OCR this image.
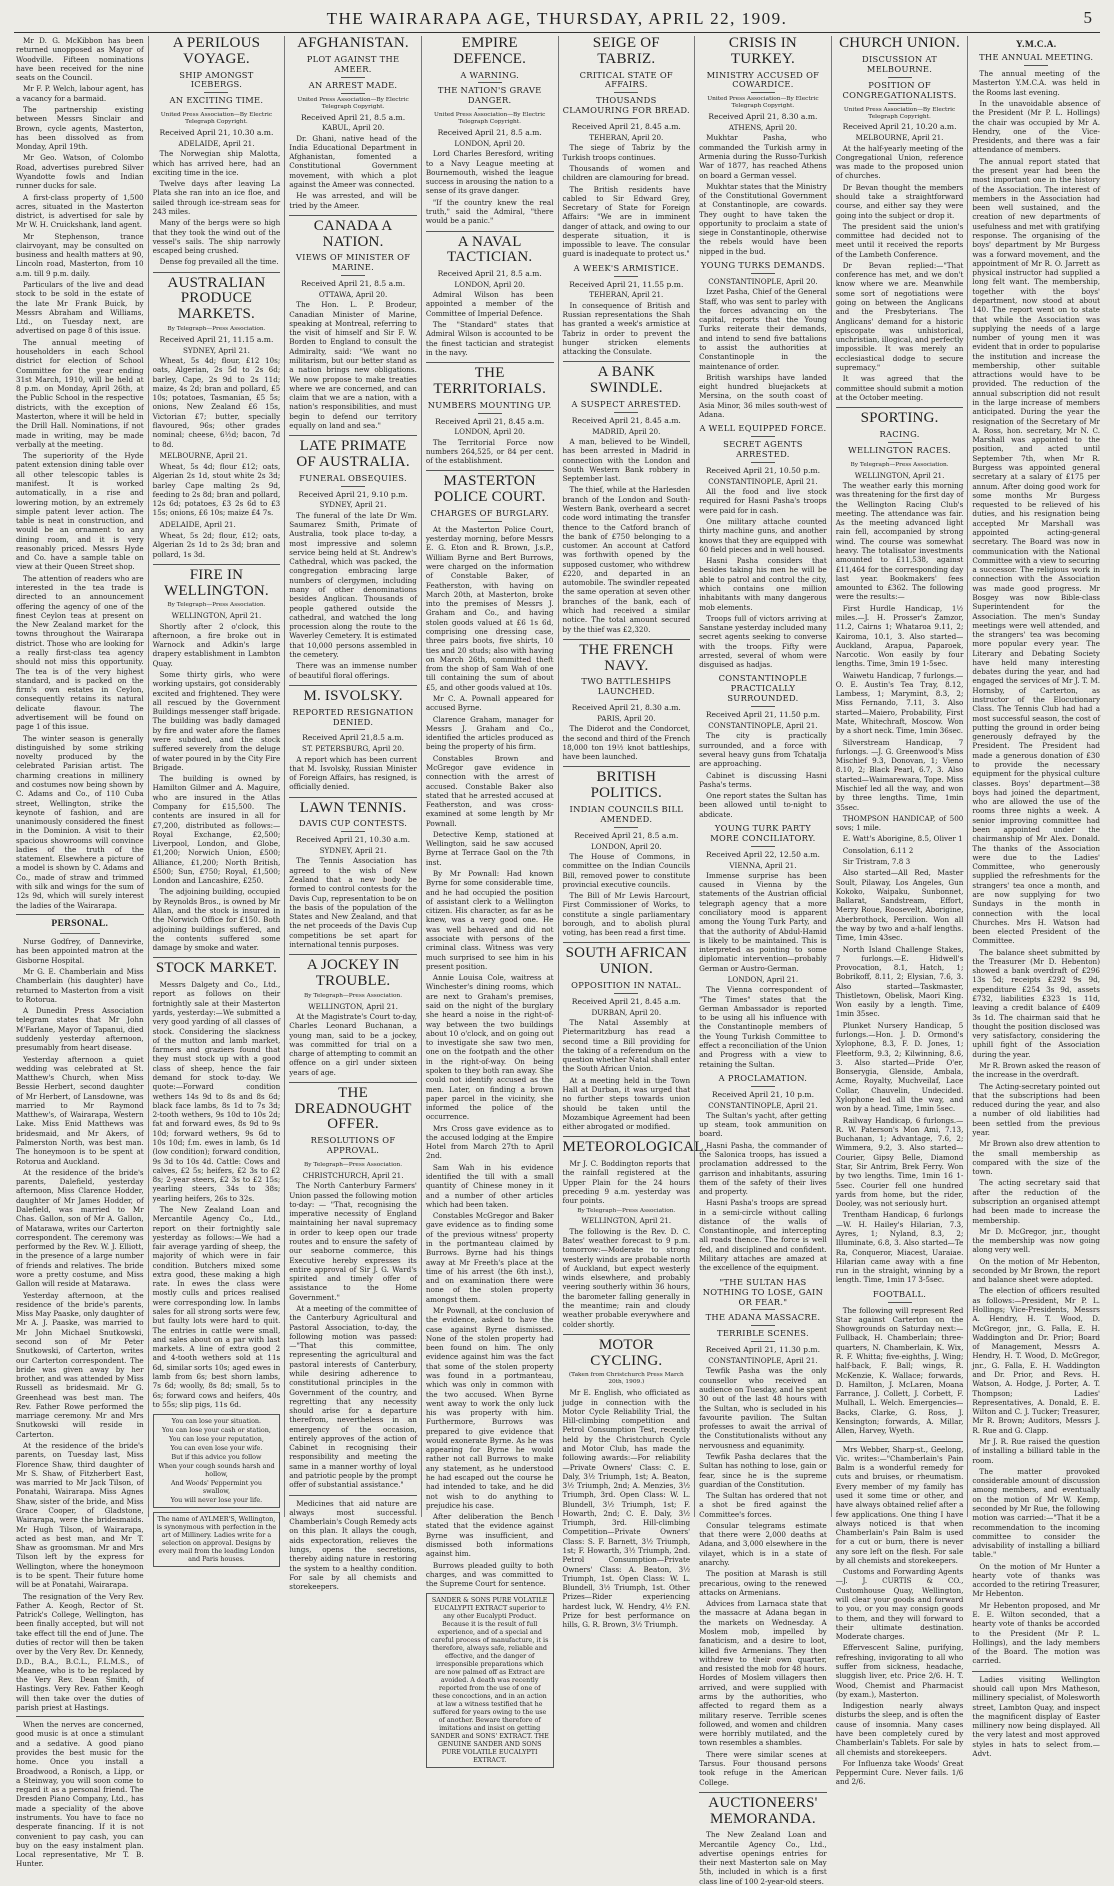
THE WAIRARAPA AGE, THURSDAY, APRIL 22, 1909.	5

Mr D. G. McKibbon has been returned unopposed as Mayor of Woodville. Fifteen nominations have been received for the nine seats on the Council.

Mr F. P. Welch, labour agent, has a vacancy for a barmaid.

The partnership existing between Messrs Sinclair and Brown, cycle agents, Masterton, has been dissolved as from Monday, April 19th.

Mr Geo. Watson, of Colombo Road, advertises purebred Silver Wyandotte fowls and Indian runner ducks for sale.

A first-class property of 1,500 acres, situated in the Masterton district, is advertised for sale by Mr W. H. Cruickshank, land agent.

Mr Stephenson, trance clairvoyant, may be consulted on business and health matters at 90, Lincoln road, Masterton, from 10 a.m. till 9 p.m. daily.

Particulars of the live and dead stock to be sold in the estate of the late Mr Frank Buick, by Messrs Abraham and Williams, Ltd., on Tuesday next, are advertised on page 8 of this issue.

The annual meeting of householders in each School district for election of School Committee for the year ending 31st March, 1910, will be held at 8 p.m. on Monday, April 26th, at the Public School in the respective districts, with the exception of Masterton, where it will be held in the Drill Hall. Nominations, if not made in writing, may be made verbally at the meeting.

The superiority of the Hyde patent extension dining table over all other telescopic tables is manifest. It is worked automatically, in a rise and lowering motion, by an extremely simple patent lever action. The table is neat in construction, and would be an ornament to any dining room, and it is very reasonably priced. Messrs Hyde and Co. have a sample table on view at their Queen Street shop.

The attention of readers who are interested in the tea trade is directed to an announcement offering the agency of one of the finest Ceylon teas at present on the New Zealand market for the towns throughout the Wairarapa district. Those who are looking for a really first-class tea agency should not miss this opportunity. The tea is of the very highest standard, and is packed on the firm's own estates in Ceylon, consequently retains its natural delicate flavour. The advertisement will be found on page 1 of this issue.

The winter season is generally distinguished by some striking novelty produced by the celebrated Parisian artist. The charming creations in millinery and costumes now being shown by C. Adams and Co., of 110 Cuba street, Wellington, strike the keynote of fashion, and are unanimously considered the finest in the Dominion. A visit to their spacious showrooms will convince ladies of the truth of the statement. Elsewhere a picture of a model is shown by C. Adams and Co., made of straw and trimmed with silk and wings for the sum of 12s 9d, which will surely interest the ladies of the Wairarapa.

PERSONAL.

Nurse Godfrey, of Dannevirke, has been appointed matron at the Gisborne Hospital.

Mr G. E. Chamberlain and Miss Chamberlain (his daughter) have returned to Masterton from a visit to Rotorua.

A Dunedin Press Association telegram states that Mr John M'Farlane, Mayor of Tapanui, died suddenly yesterday afternoon, presumably from heart disease.

Yesterday afternoon a quiet wedding was celebrated at St. Matthew's Church, when Miss Bessie Herbert, second daughter of Mr Herbert, of Lansdowne, was married to Mr Raymond Matthew's, of Wairarapa, Western Lake. Miss Enid Matthews was bridesmaid, and Mr Akers, of Palmerston North, was best man. The honeymoon is to be spent at Rotorua and Auckland.

At the residence of the bride's parents, Dalefield, yesterday afternoon, Miss Clarence Hodder, daughter of Mr James Hodder, of Dalefield, was married to Mr Chas. Gallon, son of Mr A. Gallon, of Matarawa, writes our Carterton correspondent. The ceremony was performed by the Rev. W. J. Elliott, in the presence of a large number of friends and relatives. The bride wore a pretty costume, and Miss Gallon will reside at Matarawa.

Yesterday afternoon, at the residence of the bride's parents, Miss May Paaske, only daughter of Mr A. J. Paaske, was married to Mr John Michael Snutkowski, second son of Mr Peter Snutkowski, of Carterton, writes our Carterton correspondent. The bride was given away by her brother, and was attended by Miss Russell as bridesmaid. Mr G. Greenhead was best man. The Rev. Father Rowe performed the marriage ceremony. Mr and Mrs Snutkowski will reside in Carterton.

At the residence of the bride's parents, on Tuesday last, Miss Florence Shaw, third daughter of Mr S. Shaw, of Fitzherbert East, was married to Mr Jack Tilson, of Ponatahi, Wairarapa. Miss Agnes Shaw, sister of the bride, and Miss Grace Cooper, of Gladstone, Wairarapa, were the bridesmaids. Mr Hugh Tilson, of Wairarapa, acted as best man, and Mr T. Shaw as groomsman. Mr and Mrs Tilson left by the express for Wellington, where the honeymoon is to be spent. Their future home will be at Ponatahi, Wairarapa.

The resignation of the Very Rev. Father A. Keogh, Rector of St. Patrick's College, Wellington, has been finally accepted, but will not take effect till the end of June. The duties of rector will then be taken over by the Very Rev. Dr. Kennedy, D.D., B.A., B.C.L., F.L.M.S., of Meanee, who is to be replaced by the Very Rev. Dean Smith, of Hastings. Very Rev. Father Keogh will then take over the duties of parish priest at Hastings.

When the nerves are concerned, good music is at once a stimulant and a sedative. A good piano provides the best music for the home. Once you install a Broadwood, a Ronisch, a Lipp, or a Steinway, you will soon come to regard it as a personal friend. The Dresden Piano Company, Ltd., has made a speciality of the above instruments. You have to face no desperate financing. If it is not convenient to pay cash, you can buy on the easy instalment plan. Local representative, Mr T. B. Hunter.

A PERILOUS VOYAGE.
SHIP AMONGST ICEBERGS.
AN EXCITING TIME.
United Press Association—By Electric Telegraph Copyright.
Received April 21, 10.30 a.m.
ADELAIDE, April 21.

The Norwegian ship Malotta, which has arrived here, had an exciting time in the ice.

Twelve days after leaving La Plata she ran into an ice floe, and sailed through ice-stream seas for 243 miles.

Many of the bergs were so high that they took the wind out of the vessel's sails. The ship narrowly escaped being crushed.

Dense fog prevailed all the time.

AUSTRALIAN PRODUCE MARKETS.
By Telegraph—Press Association.
Received April 21, 11.15 a.m.
SYDNEY, April 21.

Wheat, 5s 4d; flour, £12 10s; oats, Algerian, 2s 5d to 2s 6d; barley, Cape, 2s 9d to 2s 11d; maize, 4s 2d; bran and pollard, £5 10s; potatoes, Tasmanian, £5 5s; onions, New Zealand £6 15s, Victorian £7; butter, specially flavoured, 96s; other grades nominal; cheese, 6½d; bacon, 7d to 8d.

MELBOURNE, April 21.

Wheat, 5s 4d; flour £12; oats, Algerian 2s 1d, stout white 2s 3d; barley Cape malting 2s 9d, feeding to 2s 8d; bran and pollard, 12s 6d; potatoes, £3 2s 6d to £3 15s; onions, £6 10s; maize £4 7s.

ADELAIDE, April 21.

Wheat, 5s 2d; flour, £12; oats, Algerian 2s 1d to 2s 3d; bran and pollard, 1s 3d.

FIRE IN WELLINGTON.
By Telegraph—Press Association.
WELLINGTON, April 21.

Shortly after 2 o'clock, this afternoon, a fire broke out in Warnock and Adkin's large drapery establishment in Lambton Quay.

Some thirty girls, who were working upstairs, got considerably excited and frightened. They were all rescued by the Government Buildings messenger staff brigade. The building was badly damaged by fire and water afore the flames were subdued, and the stock suffered severely from the deluge of water poured in by the City Fire Brigade.

The building is owned by Hamilton Gilmer and A. Maguire, who are insured in the Atlas Company for £15,500. The contents are insured in all for £7,200, distributed as follows:—Royal Exchange, £2,500; Liverpool, London, and Globe, £1,200; Norwich Union, £500; Alliance, £1,200; North British, £500; Sun, £750; Royal, £1,500; London and Lancashire, £250.

The adjoining building, occupied by Reynolds Bros., is owned by Mr Allan, and the stock is insured in the Norwich Office for £150. Both adjoining buildings suffered, and the contents suffered some damage by smoke and water.

STOCK MARKET.

Messrs Dalgety and Co., Ltd., report as follows on their fortnightly sale at their Masterton yards, yesterday:—We submitted a very good yarding of all classes of stock. Considering the slackness of the mutton and lamb market, farmers and graziers found that they must stock up with a good class of sheep, hence the fair demand for stock to-day. We quote:—Forward condition wethers 14s 9d to 8s and 8s 6d; black face lambs, 8s 1d to 7s 3d; 2-tooth wethers, 9s 10d to 10s 2d; fat and forward ewes, 8s 9d to 9s 10d; forward wethers, 9s 6d to 10s 10d; f.m. ewes in lamb, 6s 1d (low condition); forward condition, 9s 3d to 10s 4d. Cattle: Cows and calves, £2 5s; heifers, £2 3s to £2 8s; 2-year steers, £2 3s to £2 15s; yearling steers, 34s to 38s; yearling heifers, 26s to 32s.

The New Zealand Loan and Mercantile Agency Co., Ltd., report on their fortnightly sale yesterday as follows:—We had a fair average yarding of sheep, the majority of which were in fair condition. Butchers mixed some extra good, these making a high rate. In ewes the class were mostly culls and prices realised were corresponding low. In lambs sales for all strong sorts were few, but faulty lots were hard to quit. The entries in cattle were small, and sales about on a par with last markets. A line of extra good 2 and 4-tooth wethers sold at 11s 6d, similar sorts 10s; aged ewes in lamb from 6s; best shorn lambs, 7s 6d; woolly, 8s 8d; small, 5s to 6s; forward cows and heifers, 40s to 55s; slip pigs, 11s 6d.

You can lose your situation.

You can lose your cash or station,

You can lose your reputation,

You can even lose your wife.

But if this advice you follow

When your cough sounds harsh and hollow,

And Woods' Peppermint you swallow,

You will never lose your life.

The name of AYLMER'S, Wellington, is synonymous with perfection in the art of Millinery. Ladies write for a selection on approval. Designs by every mail from the leading London and Paris houses.

AFGHANISTAN.
PLOT AGAINST THE AMEER.
AN ARREST MADE.
United Press Association—By Electric Telegraph Copyright.
Received April 21, 8.5 a.m.
KABUL, April 20.

Dr. Ghani, native head of the India Educational Department in Afghanistan, fomented a Constitutional Government movement, with which a plot against the Ameer was connected.

He was arrested, and will be tried by the Ameer.

CANADA A NATION.
VIEWS OF MINISTER OF MARINE.
Received April 21, 8.5 a.m.
OTTAWA, April 20.

The Hon. L. P. Brodeur, Canadian Minister of Marine, speaking at Montreal, referring to the visit of himself and Sir F. W. Borden to England to consult the Admiralty, said: "We want no militarism, but our better stand as a nation brings new obligations. We now propose to make treaties where we are concerned, and can claim that we are a nation, with a nation's responsibilities, and must begin to defend our territory equally on land and sea."

LATE PRIMATE OF AUSTRALIA.
FUNERAL OBSEQUIES.
Received April 21, 9.10 p.m.
SYDNEY, April 21.

The funeral of the late Dr Wm. Saumarez Smith, Primate of Australia, took place to-day, a most impressive and solemn service being held at St. Andrew's Cathedral, which was packed, the congregation embracing large numbers of clergymen, including many of other denominations besides Anglican. Thousands of people gathered outside the cathedral, and watched the long procession along the route to the Waverley Cemetery. It is estimated that 10,000 persons assembled in the cemetery.

There was an immense number of beautiful floral offerings.

M. ISVOLSKY.
REPORTED RESIGNATION DENIED.
Received April 21,8.5 a.m.
ST. PETERSBURG, April 20.

A report which has been current that M. Isvolsky, Russian Minister of Foreign Affairs, has resigned, is officially denied.

LAWN TENNIS.
DAVIS CUP CONTESTS.
Received April 21, 10.30 a.m.
SYDNEY, April 21.

The Tennis Association has agreed to the wish of New Zealand that a new body be formed to control contests for the Davis Cup, representation to be on the basis of the population of the States and New Zealand, and that the net proceeds of the Davis Cup competitions be set apart for international tennis purposes.

A JOCKEY IN TROUBLE.
By Telegraph—Press Association.
WELLINGTON, April 21.

At the Magistrate's Court to-day, Charles Leonard Buchanan, a young man, said to be a jockey, was committed for trial on a charge of attempting to commit an offence on a girl under sixteen years of age.

THE DREADNOUGHT OFFER.
RESOLUTIONS OF APPROVAL.
By Telegraph—Press Association.
CHRISTCHURCH, April 21.

The North Canterbury Farmers' Union passed the following motion to-day: — "That, recognising the imperative necessity of England maintaining her naval supremacy in order to keep open our trade routes and to ensure the safety of our seaborne commerce, this Executive hereby expresses its entire approval of Sir J. G. Ward's spirited and timely offer of assistance to the Home Government."

At a meeting of the committee of the Canterbury Agricultural and Pastoral Association, to-day, the following motion was passed:—"That this committee, representing the agricultural and pastoral interests of Canterbury, while desiring adherence to constitutional principles in the Government of the country, and regretting that any necessity should arise for a departure therefrom, nevertheless in an emergency of the occasion, entirely approves of the action of Cabinet in recognising their responsibility and meeting the same in a manner worthy of loyal and patriotic people by the prompt offer of substantial assistance."

Medicines that aid nature are always most successful. Chamberlain's Cough Remedy acts on this plan. It allays the cough, aids expectoration, relieves the lungs, opens the secretions, thereby aiding nature in restoring the system to a healthy condition. For sale by all chemists and storekeepers.

EMPIRE DEFENCE.
A WARNING.
THE NATION'S GRAVE DANGER.
United Press Association—By Electric Telegraph Copyright.
Received April 21, 8.5 a.m.
LONDON, April 20.

Lord Charles Beresford, writing to a Navy League meeting at Bournemouth, wished the league success in arousing the nation to a sense of its grave danger.

"If the country knew the real truth," said the Admiral, "there would be a panic."

A NAVAL TACTICIAN.
Received April 21, 8.5 a.m.
LONDON, April 20.

Admiral Wilson has been appointed a member of the Committee of Imperial Defence.

The "Standard" states that Admiral Wilson is accounted to be the finest tactician and strategist in the navy.

THE TERRITORIALS.
NUMBERS MOUNTING UP.
Received April 21, 8.45 a.m.
LONDON, April 20.

The Territorial Force now numbers 264,525, or 84 per cent. of the establishment.

MASTERTON POLICE COURT.
CHARGES OF BURGLARY.

At the Masterton Police Court, yesterday morning, before Messrs E. G. Eton and R. Brown, J.s.P., William Byrne and Bert Burrows, were charged on the information of Constable Baker, of Featherston, with having on March 20th, at Masterton, broke into the premises of Messrs J. Graham and Co., and having stolen goods valued at £6 1s 6d, comprising one dressing case, three pairs boots, five shirts, 10 ties and 20 studs; also with having on March 26th, committed theft from the shop of Sam Wah of one till containing the sum of about £5, and other goods valued at 10s.

Mr C. A. Pownall appeared for accused Byrne.

Clarence Graham, manager for Messrs J. Graham and Co., identified the articles produced as being the property of his firm.

Constables Brown and McGregor gave evidence in connection with the arrest of accused. Constable Baker also stated that he arrested accused at Featherston, and was cross-examined at some length by Mr Pownall.

Detective Kemp, stationed at Wellington, said he saw accused Byrne at Terrace Gaol on the 7th inst.

By Mr Pownall: Had known Byrne for some considerable time, and he had occupied the position of assistant clerk to a Wellington citizen. His character, as far as he knew, was a very good one. He was well behaved and did not associate with persons of the criminal class. Witness was very much surprised to see him in his present position.

Annie Louisa Cole, waitress at Winchester's dining rooms, which are next to Graham's premises, said on the night of the burglary she heard a noise in the right-of-way between the two buildings about 10 o'clock, and on going out to investigate she saw two men, one on the footpath and the other in the right-of-way. On being spoken to they both ran away. She could not identify accused as the men. Later, on finding a brown paper parcel in the vicinity, she informed the police of the occurrence.

Mrs Cross gave evidence as to the accused lodging at the Empire Hotel from March 27th to April 2nd.

Sam Wah in his evidence identified the till with a small quantity of Chinese money in it and a number of other articles which had been taken.

Constables McGregor and Baker gave evidence as to finding some of the previous witness' property in the portmanteau claimed by Burrows. Byrne had his things away at Mr Freeth's place at the time of his arrest (the 6th inst.), and on examination there were none of the stolen property amongst them.

Mr Pownall, at the conclusion of the evidence, asked to have the case against Byrne dismissed. None of the stolen property had been found on him. The only evidence against him was the fact that some of the stolen property was found in a portmanteau, which was only in common with the two accused. When Byrne went away to work the only luck his was property with him. Furthermore, Burrows was prepared to give evidence that would exonerate Byrne. As he was appearing for Byrne he would rather not call Burrows to make any statement, as he understood he had escaped out the course he had intended to take, and he did not wish to do anything to prejudice his case.

After deliberation the Bench stated that the evidence against Byrne was insufficient, and dismissed both informations against him.

Burrows pleaded guilty to both charges, and was committed to the Supreme Court for sentence.

SANDER & SONS PURE VOLATILE EUCALYPTI EXTRACT superior to any other Eucalypti Product. Because it is the result of full experience, and of a special and careful process of manufacture, it is therefore, always safe, reliable and effective, and the danger of irresponsible preparations which are now palmed off as Extract are avoided. A death was recently reported from the use of one of these concoctions, and in an action at law a witness testified that he suffered for years owing to the use of another. Beware therefore of imitations and insist on getting SANDER and SONS' EXTRACT. THE GENUINE SANDER AND SONS PURE VOLATILE EUCALYPTI EXTRACT.

SEIGE OF TABRIZ.
CRITICAL STATE OF AFFAIRS.
THOUSANDS CLAMOURING FOR BREAD.
Received April 21, 8.45 a.m.
TEHERAN, April 20.

The siege of Tabriz by the Turkish troops continues.

Thousands of women and children are clamouring for bread.

The British residents have cabled to Sir Edward Grey, Secretary of State for Foreign Affairs: "We are in imminent danger of attack, and owing to our desperate situation, it is impossible to leave. The consular guard is inadequate to protect us."

A WEEK'S ARMISTICE.
Received April 21, 11.55 p.m.
TEHERAN, April 21.

In consequence of British and Russian representations the Shah has granted a week's armistice at Tabriz in order to prevent the hunger stricken elements attacking the Consulate.

A BANK SWINDLE.
A SUSPECT ARRESTED.
Received April 21, 8.45 a.m.
MADRID, April 20.

A man, believed to be Windell, has been arrested in Madrid in connection with the London and South Western Bank robbery in September last.

The thief, while at the Harlesden branch of the London and South-Western Bank, overheard a secret code word intimating the transfer thence to the Catford branch of the bank of £750 belonging to a customer. An account at Catford was forthwith opened by the supposed customer, who withdrew £220, and departed in an automobile. The swindler repeated the same operation at seven other branches of the bank, each of which had received a similar notice. The total amount secured by the thief was £2,320.

THE FRENCH NAVY.
TWO BATTLESHIPS LAUNCHED.
Received April 21, 8.30 a.m.
PARIS, April 20.

The Diderot and the Condorcet, the second and third of the French 18,000 ton 19½ knot battleships, have been launched.

BRITISH POLITICS.
INDIAN COUNCILS BILL AMENDED.
Received April 21, 8.5 a.m.
LONDON, April 20.

The House of Commons, in committee on the Indian Councils Bill, removed power to constitute provincial executive councils.

The Bill of Mr Lewis Harcourt, First Commissioner of Works, to constitute a single parliamentary borough, and to abolish plural voting, has been read a first time.

SOUTH AFRICAN UNION.
OPPOSITION IN NATAL.
Received April 21, 8.45 a.m.
DURBAN, April 20.

The Natal Assembly at Pietermaritzburg has read a second time a Bill providing for the taking of a referendum on the question whether Natal shall enter the South African Union.

At a meeting held in the Town Hall at Durban, it was urged that no further steps towards union should be taken until the Mozambique Agreement had been either abrogated or modified.

METEOROLOGICAL.

Mr J. C. Boddington reports that the rainfall registered at the Upper Plain for the 24 hours preceding 9 a.m. yesterday was four points.

By Telegraph—Press Association.
WELLINGTON, April 21.

The following is the Rev. D. C. Bates' weather forecast to 9 p.m. tomorrow:—Moderate to strong westerly winds are probable north of Auckland, but expect westerly winds elsewhere, and probably veering southerly within 36 hours, the barometer falling generally in the meantime; rain and cloudy weather probable everywhere and colder shortly.

MOTOR CYCLING.
(Taken from Christchurch Press March 20th, 1909.)

Mr E. English, who officiated as judge in connection with the Motor Cycle Reliability Trial, the Hill-climbing competition and Petrol Consumption Test, recently held by the Christchurch Cycle and Motor Club, has made the following awards:—For reliability—Private Owners' Class: C. E. Daly, 3½ Triumph, 1st; A. Beaton, 3½ Triumph, 2nd; A. Menzies, 3½ Triumph, 3rd. Open Class: W. L. Blundell, 3½ Triumph, 1st; F. Howarth, 2nd; C. E. Daly, 3½ Triumph, 3rd. Hill-climbing Competition—Private Owners' Class: S. F. Barnett, 3½ Triumph, 1st; F. Howarth, 3½ Triumph, 2nd. Petrol Consumption—Private Owners' Class: A. Beaton, 3½ Triumph, 1st. Open Class: W. L. Blundell, 3½ Triumph, 1st. Other Prizes—Rider experiencing hardest luck, W. Hendry, 4½ F.N. Prize for best performance on hills, G. R. Brown, 3½ Triumph.

CRISIS IN TURKEY.
MINISTRY ACCUSED OF COWARDICE.
United Press Association—By Electric Telegraph Copyright.
Received April 21, 8.30 a.m.
ATHENS, April 20.

Mukhtar Pasha, who commanded the Turkish army in Armenia during the Russo-Turkish War of 1877, has reached Athens on board a German vessel.

Mukhtar states that the Ministry of the Constitutional Government at Constantinople, are cowards. They ought to have taken the opportunity to proclaim a state of siege in Constantinople, otherwise the rebels would have been nipped in the bud.

YOUNG TURKS DEMANDS.
CONSTANTINOPLE, April 20.

Izzet Pasha, Chief of the General Staff, who was sent to parley with the forces advancing on the capital, reports that the Young Turks reiterate their demands, and intend to send five battalions to assist the authorities at Constantinople in the maintenance of order.

British warships have landed eight hundred bluejackets at Mersina, on the south coast of Asia Minor, 36 miles south-west of Adana.

A WELL EQUIPPED FORCE.
SECRET AGENTS ARRESTED.
Received April 21, 10.50 p.m.
CONSTANTINOPLE, April 21.

All the food and live stock required for Hasni Pasha's troops were paid for in cash.

One military attache counted thirty machine guns, and another knows that they are equipped with 60 field pieces and in well housed.

Hasni Pasha considers that besides taking his men he will be able to patrol and control the city, which contains one million inhabitants with many dangerous mob elements.

Troops full of victors arriving at Sanstane yesterday included many secret agents seeking to converse with the troops. Fifty were arrested, several of whom were disguised as hadjas.

CONSTANTINOPLE PRACTICALLY SURROUNDED.
Received April 21, 11.50 p.m.
CONSTANTINOPLE, April 21.

The city is practically surrounded, and a force with several heavy guns from Tchatalja are approaching.

Cabinet is discussing Hasni Pasha's terms.

One report states the Sultan has been allowed until to-night to abdicate.

YOUNG TURK PARTY MORE CONCILIATORY.
Received April 22, 12.50 a.m.
VIENNA, April 21.

Immense surprise has been caused in Vienna by the statements of the Austrian official telegraph agency that a more conciliatory mood is apparent among the Young Turk Party, and that the authority of Abdul-Hamid is likely to be maintained. This is interpreted as pointing to some diplomatic intervention—probably German or Austro-German.

LONDON, April 21.

The Vienna correspondent of "The Times" states that the German Ambassador is reported to be using all his influence with the Constantinople members of the Young Turkish Committee to effect a reconciliation of the Union and Progress with a view to retaining the Sultan.

A PROCLAMATION.
Received April 21, 10 p.m.
CONSTANTINOPLE, April 21.

The Sultan's yacht, after getting up steam, took ammunition on board.

Hasni Pasha, the commander of the Salonica troops, has issued a proclamation addressed to the garrison and inhabitants, assuring them of the safety of their lives and property.

Hasni Pasha's troops are spread in a semi-circle without calling distance of the walls of Constantinople, and intercepting all roads thence. The force is well fed, and disciplined and confident. Military attaches are amazed at the excellence of the equipment.

"THE SULTAN HAS NOTHING TO LOSE, GAIN OR FEAR."
THE ADANA MASSACRE.
TERRIBLE SCENES.
Received April 21, 11.30 p.m.
CONSTANTINOPLE, April 21.

Tewfik Pasha was the only counsellor who received an audience on Tuesday, and he spent 30 out of the last 48 hours with the Sultan, who is secluded in his favourite pavilion. The Sultan professes to await the arrival of the Constitutionalists without any nervousness and equanimity.

Tewfik Pasha declares that the Sultan has nothing to lose, gain or fear, since he is the supreme guardian of the Constitution.

The Sultan has ordered that not a shot be fired against the Committee's forces.

Consular telegrams estimate that there were 2,000 deaths at Adana, and 3,000 elsewhere in the vilayet, which is in a state of anarchy.

The position at Marash is still precarious, owing to the renewed attacks on Armenians.

Advices from Larnaca state that the massacre at Adana began in the markets on Wednesday. A Moslem mob, impelled by fanaticism, and a desire to loot, killed five Armenians. They then withdrew to their own quarter, and resisted the mob for 48 hours. Hordes of Moslem villagers then arrived, and were supplied with arms by the authorities, who affected to regard them as a military reserve. Terrible scenes followed, and women and children were horribly mutilated, and the town resembles a shambles.

There were similar scenes at Tarsus. Four thousand persons took refuge in the American College.

AUCTIONEERS' MEMORANDA.

The New Zealand Loan and Mercantile Agency Co., Ltd., advertise openings entries for their next Masterton sale on May 5th, included in which is a first class line of 100 2-year-old steers.

CHURCH UNION.
DISCUSSION AT MELBOURNE.
POSITION OF CONGREGATIONALISTS.
United Press Association—By Electric Telegraph Copyright.
Received April 21, 10.20 a.m.
MELBOURNE, April 21.

At the half-yearly meeting of the Congregational Union, reference was made to the proposed union of churches.

Dr Bevan thought the members should take a straightforward course, and either say they were going into the subject or drop it.

The president said the union's committee had decided not to meet until it received the reports of the Lambeth Conference.

Dr Bevan replied:—"That conference has met, and we don't know where we are. Meanwhile some sort of negotiations were going on between the Anglicans and the Presbyterians. The Anglicans' demand for a historic episcopate was unhistorical, unchristian, illogical, and perfectly impossible. It was merely an ecclesiastical dodge to secure supremacy."

It was agreed that the committee should submit a motion at the October meeting.

SPORTING.
RACING.
WELLINGTON RACES.
By Telegraph—Press Association.
WELLINGTON, April 21.

The weather early this morning was threatening for the first day of the Wellington Racing Club's meeting. The attendance was fair. As the meeting advanced light rain fell, accompanied by strong wind. The course was somewhat heavy. The totalisator investments amounted to £11,538, against £11,464 for the corresponding day last year. Bookmakers' fees amounted to £362. The following were the results:—

First Hurdle Handicap, 1½ miles.—J. H. Prosser's Zamzor, 11.2, Cairns 1; Whataroa 9.11, 2; Kairoma, 10.1, 3. Also started—Auckland, Arapua, Paparoek, Narcotic. Won easily by four lengths. Time, 3min 19 1-5sec.

Waiwetu Handicap, 7 furlongs.—O. E. Austin's Tea Tray, 8.12, Lambess, 1; Marymint, 8.3, 2; Miss Fernando, 7.11, 3. Also started—Maiero, Probability, First Mate, Whitechraft, Moscow. Won by a short neck. Time, 1min 36sec.

Silverstream Handicap, 7 furlongs. —J. G. Greenwood's Miss Mischief 9.3, Donovan, 1; Vieno 8.10, 2; Black Pearl, 6.7, 3. Also started—Waimarewara, Tope. Miss Mischief led all the way, and won by three lengths. Time, 1min 35sec.

THOMPSON HANDICAP, of 500 sovs; 1 mile.

E. Watt's Aborigine, 8.5, Oliver 1

Consolation, 6.11 2

Sir Tristram, 7.8 3

Also started—All Red, Master Soult, Pilaway, Los Angeles, Gun Kokoko, Waipaku, Sunbonnet, Ballarat, Sandstream, Effort, Merry Roue, Roosevelt, Aborigine, Aberbrothock, Percilion. Won all the way by two and a-half lengths. Time, 1min 43sec.

North Island Challenge Stakes, 7 furlongs.—E. Hidwell's Provocation, 8.1, Hatch, 1; Bobrikoff, 8.11, 2; Elysian, 7.6, 3. Also started—Taskmaster, Thistletown, Obelisk, Maori King. Won easily by a length. Time, 1min 35sec.

Plunket Nursery Handicap, 5 furlongs.—Hon. J. D. Ormond's Xylophone, 8.3, F. D. Jones, 1; Fleetform, 9.3, 2; Kilwinning, 8.6, 3. Also started—Pride O'er, Bonserygia, Glenside, Ambala, Acme, Royalty, Muchveilaf, Lace Collar, Chauvelin, Undecided. Xylophone led all the way, and won by a head. Time, 1min 5sec.

Railway Handicap, 6 furlongs.—R. W. Paterson's Mon Ami, 7.13, Buchanan, 1; Advantage, 7.6, 2; Wimmera, 9.2, 3. Also started—Courier, Gipsy Belle, Diamond Star, Sir Antrim, Brek Ferry. Won by two lengths. Time, 1min 16 1-5sec. Courier fell one hundred yards from home, but the rider, Dooley, was not seriously hurt.

Trentham Handicap, 6 furlongs—W. H. Hailey's Hilarian, 7.3, Ayres, 1; Nyland, 8.3, 2; Illuminate, 6.8, 3. Also started—Te Ra, Conqueror, Miacest, Uaraiae. Hilarian came away with a fine run in the straight, winning by a length. Time, 1min 17 3-5sec.

FOOTBALL.

The following will represent Red Star against Carterton on the Showgrounds on Saturday next:—Fullback, H. Chamberlain; three-quarters, N. Chamberlain, K. Wix, R. F. Whitta; five-eighths, J. Wing; half-back, F. Ball; wings, R. McKenzie, K. Wallace; forwards, D. Hamilton, J. McLaren, Moana Farrance, J. Collett, J. Corbett, F. Mulhall, L. Welch. Emergencies—Backs, Clarke, G. Ross, J. Kensington; forwards, A. Millar, Allen, Harvey, Wyeth.

Mrs Webber, Sharp-st., Geelong, Vic. writes:—"Chamberlain's Pain Balm is a wonderful remedy for cuts and bruises, or rheumatism. Every member of my family has used it some time or other, and have always obtained relief after a few applications. One thing I have always noticed is that when Chamberlain's Pain Balm is used for a cut or burn, there is never any sore left on the flesh. For sale by all chemists and storekeepers.

Customs and Forwarding Agents—J. J. CURTIS & CO., Customhouse Quay, Wellington, will clear your goods and forward to you, or you may consign goods to them, and they will forward to their ultimate destination. Moderate charges.

Effervescent Saline, purifying, refreshing, invigorating to all who suffer from sickness, headache, sluggish liver, etc. Price 2/6. H. T. Wood, Chemist and Pharmacist (by exam.), Masterton.

Indigestion nearly always disturbs the sleep, and is often the cause of insomnia. Many cases have been completely cured by Chamberlain's Tablets. For sale by all chemists and storekeepers.

For Influenza take Woods' Great Peppermint Cure. Never fails. 1/6 and 2/6.

Y.M.C.A.
THE ANNUAL MEETING.

The annual meeting of the Masterton Y.M.C.A. was held in the Rooms last evening.

In the unavoidable absence of the President (Mr P. L. Hollings) the chair was occupied by Mr A. Hendry, one of the Vice-Presidents, and there was a fair attendance of members.

The annual report stated that the present year had been the most important one in the history of the Association. The interest of members in the Association had been well sustained, and the creation of new departments of usefulness and met with gratifying response. The organising of the boys' department by Mr Burgess was a forward movement, and the appointment of Mr R. O. Jarrett as physical instructor had supplied a long felt want. The membership, together with the boys' department, now stood at about 140. The report went on to state that while the Association was supplying the needs of a large number of young men it was evident that in order to popularise the institution and increase the membership, other suitable attractions would have to be provided. The reduction of the annual subscription did not result in the large increase of members anticipated. During the year the resignation of the Secretary of Mr A. Ross, hon. secretary, Mr N. C. Marshall was appointed to the position, and acted until September 7th, when Mr R. Burgess was appointed general secretary at a salary of £175 per annum. After doing good work for some months Mr Burgess requested to be relieved of his duties, and his resignation being accepted Mr Marshall was appointed acting-general secretary. The Board was now in communication with the National Committee with a view to securing a successor. The religious work in connection with the Association was made good progress. Mr Bosgey was now Bible-class Superintendent for the Association. The men's Sunday meetings were well attended, and the strangers' tea was becoming more popular every year. The Literary and Debating Society have held many interesting debates during the year, and had engaged the services of Mr J. T. M. Hornsby, of Carterton, as instructor of the Elocutionary Class. The Tennis Club had had a most successful season, the cost of putting the ground in order being generously defrayed by the President. The President had made a generous donation of £30 to provide the necessary equipment for the physical culture classes. Boys' department—38 boys had joined the department, who are allowed the use of the rooms three nights a week. A senior improving committee had been appointed under the chairmanship of Mr Alex. Donald. The thanks of the Association were due to the Ladies' Committee, who generously supplied the refreshments for the strangers' tea once a month, and are now supplying for two Sundays in the month in connection with the local Churches. Mrs H. Watson had been elected President of the Committee.

The balance sheet submitted by the Treasurer (Mr D. Hebenton) showed a bank overdraft of £296 13s 5d; receipts £292 9s 9d, expenditure £254 3s 9d, assets £732, liabilities £323 1s 11d, leaving a credit balance of £409 3s 1d. The chairman said that he thought the position disclosed was very satisfactory, considering the uphill fight of the Association during the year.

Mr R. Brown asked the reason of the increase in the overdraft.

The Acting-secretary pointed out that the subscriptions had been reduced during the year, and also a number of old liabilities had been settled from the previous year.

Mr Brown also drew attention to the small membership as compared with the size of the town.

The acting secretary said that after the reduction of the subscription an organised attempt had been made to increase the membership.

Mr D. McGregor, jnr., thought the membership was now going along very well.

On the motion of Mr Hebenton, seconded by Mr Brown, the report and balance sheet were adopted.

The election of officers resulted as follows:—President, Mr P. L. Hollings; Vice-Presidents, Messrs A. Hendry, H. T. Wood, D. McGregor, jnr., G. Falla, E. H. Waddington and Dr. Prior; Board of Management, Messrs A. Hendry, H. T. Wood, D. McGregor, jnr., G. Falla, E. H. Waddington and Dr. Prior, and Revs. H. Watson, A. Hodge, J. Porter, A. T. Thompson; Ladies' Representatives, A. Donald, E. E. Wilton and C. J. Tucker; Treasurer, Mr R. Brown; Auditors, Messrs J. R. Rue and G. Clapp.

Mr J. R. Rue raised the question of installing a billiard table in the room.

The matter provoked considerable amount of discussion among members, and eventually on the motion of Mr W. Kemp, seconded by Mr Rue, the following motion was carried:—"That it be a recommendation to the incoming committee to consider the advisability of installing a billiard table."

On the motion of Mr Hunter a hearty vote of thanks was accorded to the retiring Treasurer, Mr Hebenton.

Mr Hebenton proposed, and Mr E. E. Wilton seconded, that a hearty vote of thanks be accorded to the President (Mr P. L. Hollings), and the lady members of the Board. The motion was carried.

Ladies visiting Wellington should call upon Mrs Matheson, millinery specialist, of Molesworth street, Lambton Quay, and inspect the magnificent display of Easter millinery now being displayed. All the very latest and most approved styles in hats to select from.—Advt.
